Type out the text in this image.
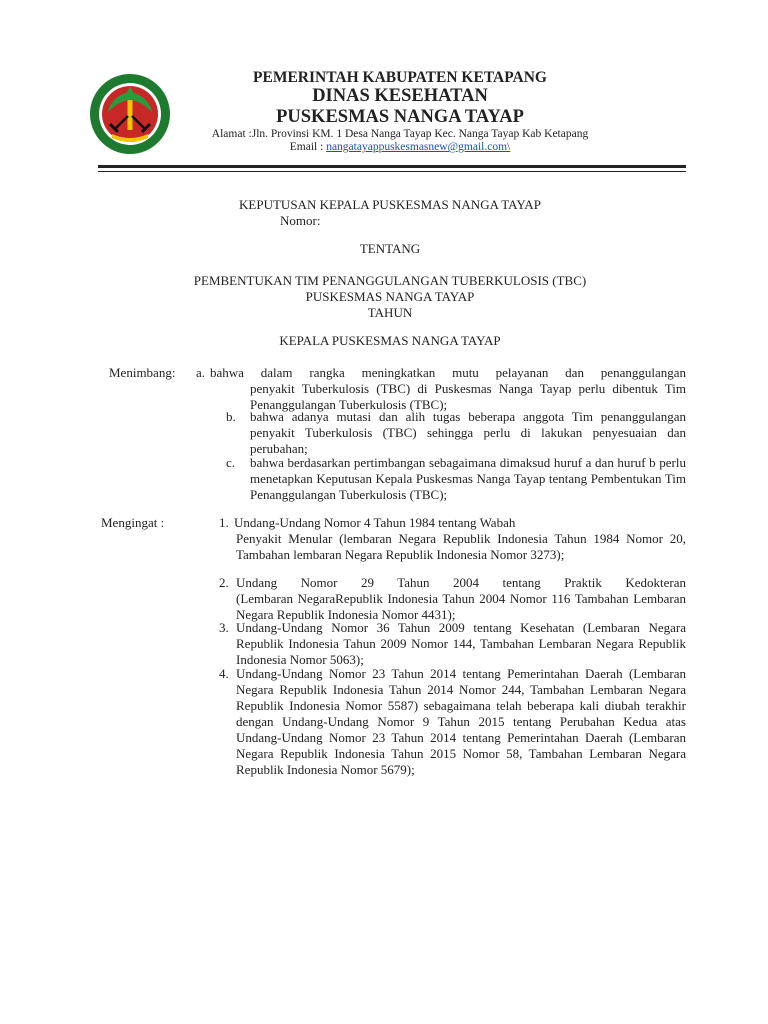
PEMERINTAH KABUPATEN KETAPANG
DINAS KESEHATAN
PUSKESMAS NANGA TAYAP
Alamat :Jln. Provinsi KM. 1 Desa Nanga Tayap Kec. Nanga Tayap Kab Ketapang
Email : nangatayappuskesmasnew@gmail.com\
KEPUTUSAN KEPALA PUSKESMAS NANGA TAYAP
Nomor:
TENTANG
PEMBENTUKAN TIM PENANGGULANGAN TUBERKULOSIS (TBC)
PUSKESMAS NANGA TAYAP
TAHUN
KEPALA PUSKESMAS NANGA TAYAP
Menimbang: a. bahwa dalam rangka meningkatkan mutu pelayanan dan penanggulangan
penyakit Tuberkulosis (TBC) di Puskesmas Nanga Tayap perlu dibentuk Tim Penanggulangan Tuberkulosis (TBC);
b. bahwa adanya mutasi dan alih tugas beberapa anggota Tim penanggulangan penyakit Tuberkulosis (TBC) sehingga perlu di lakukan penyesuaian dan perubahan;
c. bahwa berdasarkan pertimbangan sebagaimana dimaksud huruf a dan huruf b perlu menetapkan Keputusan Kepala Puskesmas Nanga Tayap tentang Pembentukan Tim Penanggulangan Tuberkulosis (TBC);
Mengingat :	1. Undang-Undang Nomor 4 Tahun 1984 tentang Wabah
Penyakit Menular (lembaran Negara Republik Indonesia Tahun 1984 Nomor 20, Tambahan lembaran Negara Republik Indonesia Nomor 3273);
2. Undang Nomor 29 Tahun 2004 tentang Praktik Kedokteran
(Lembaran NegaraRepublik Indonesia Tahun 2004 Nomor 116 Tambahan Lembaran Negara Republik Indonesia Nomor 4431);
3. Undang-Undang Nomor 36 Tahun 2009 tentang Kesehatan (Lembaran Negara Republik Indonesia Tahun 2009 Nomor 144, Tambahan Lembaran Negara Republik Indonesia Nomor 5063);
4. Undang-Undang Nomor 23 Tahun 2014 tentang Pemerintahan Daerah (Lembaran Negara Republik Indonesia Tahun 2014 Nomor 244, Tambahan Lembaran Negara Republik Indonesia Nomor 5587) sebagaimana telah beberapa kali diubah terakhir dengan Undang-Undang Nomor 9 Tahun 2015 tentang Perubahan Kedua atas Undang-Undang Nomor 23 Tahun 2014 tentang Pemerintahan Daerah (Lembaran Negara Republik Indonesia Tahun 2015 Nomor 58, Tambahan Lembaran Negara Republik Indonesia Nomor 5679);
